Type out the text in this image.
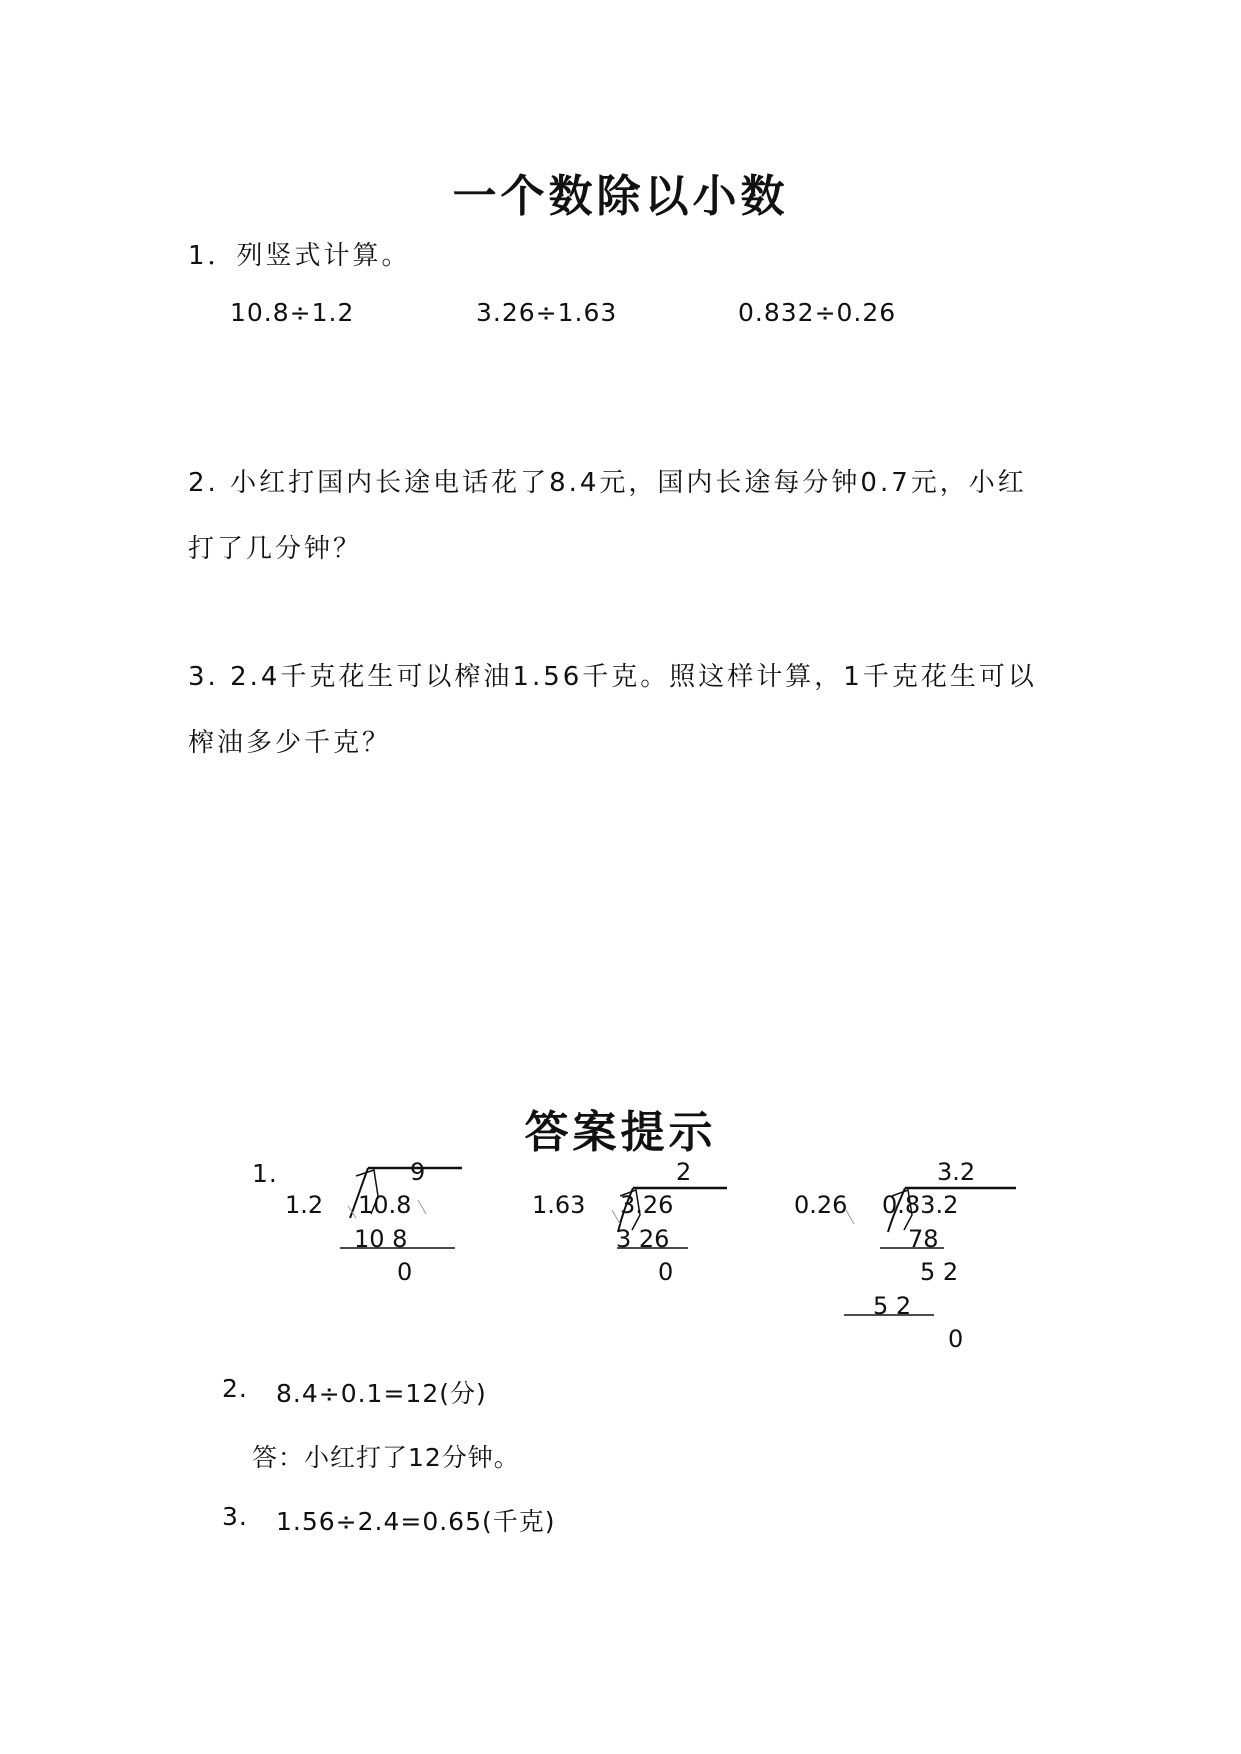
一个数除以小数
1．列竖式计算。
10.8÷1.2	3.26÷1.63	0.832÷0.26
2. 小红打国内长途电话花了8.4元，国内长途每分钟0.7元，小红
打了几分钟？
3. 2.4千克花生可以榨油1.56千克。照这样计算，1千克花生可以
榨油多少千克？
答案提示
1.	9
1.2 10.8
10 8
0
2
1.63 3.26
3 26
0
3.2
0.26 0.83.2
78
5 2
5 2
0
2. 8.4÷0.1=12(分)
答：小红打了12分钟。
3. 1.56÷2.4=0.65(千克)
